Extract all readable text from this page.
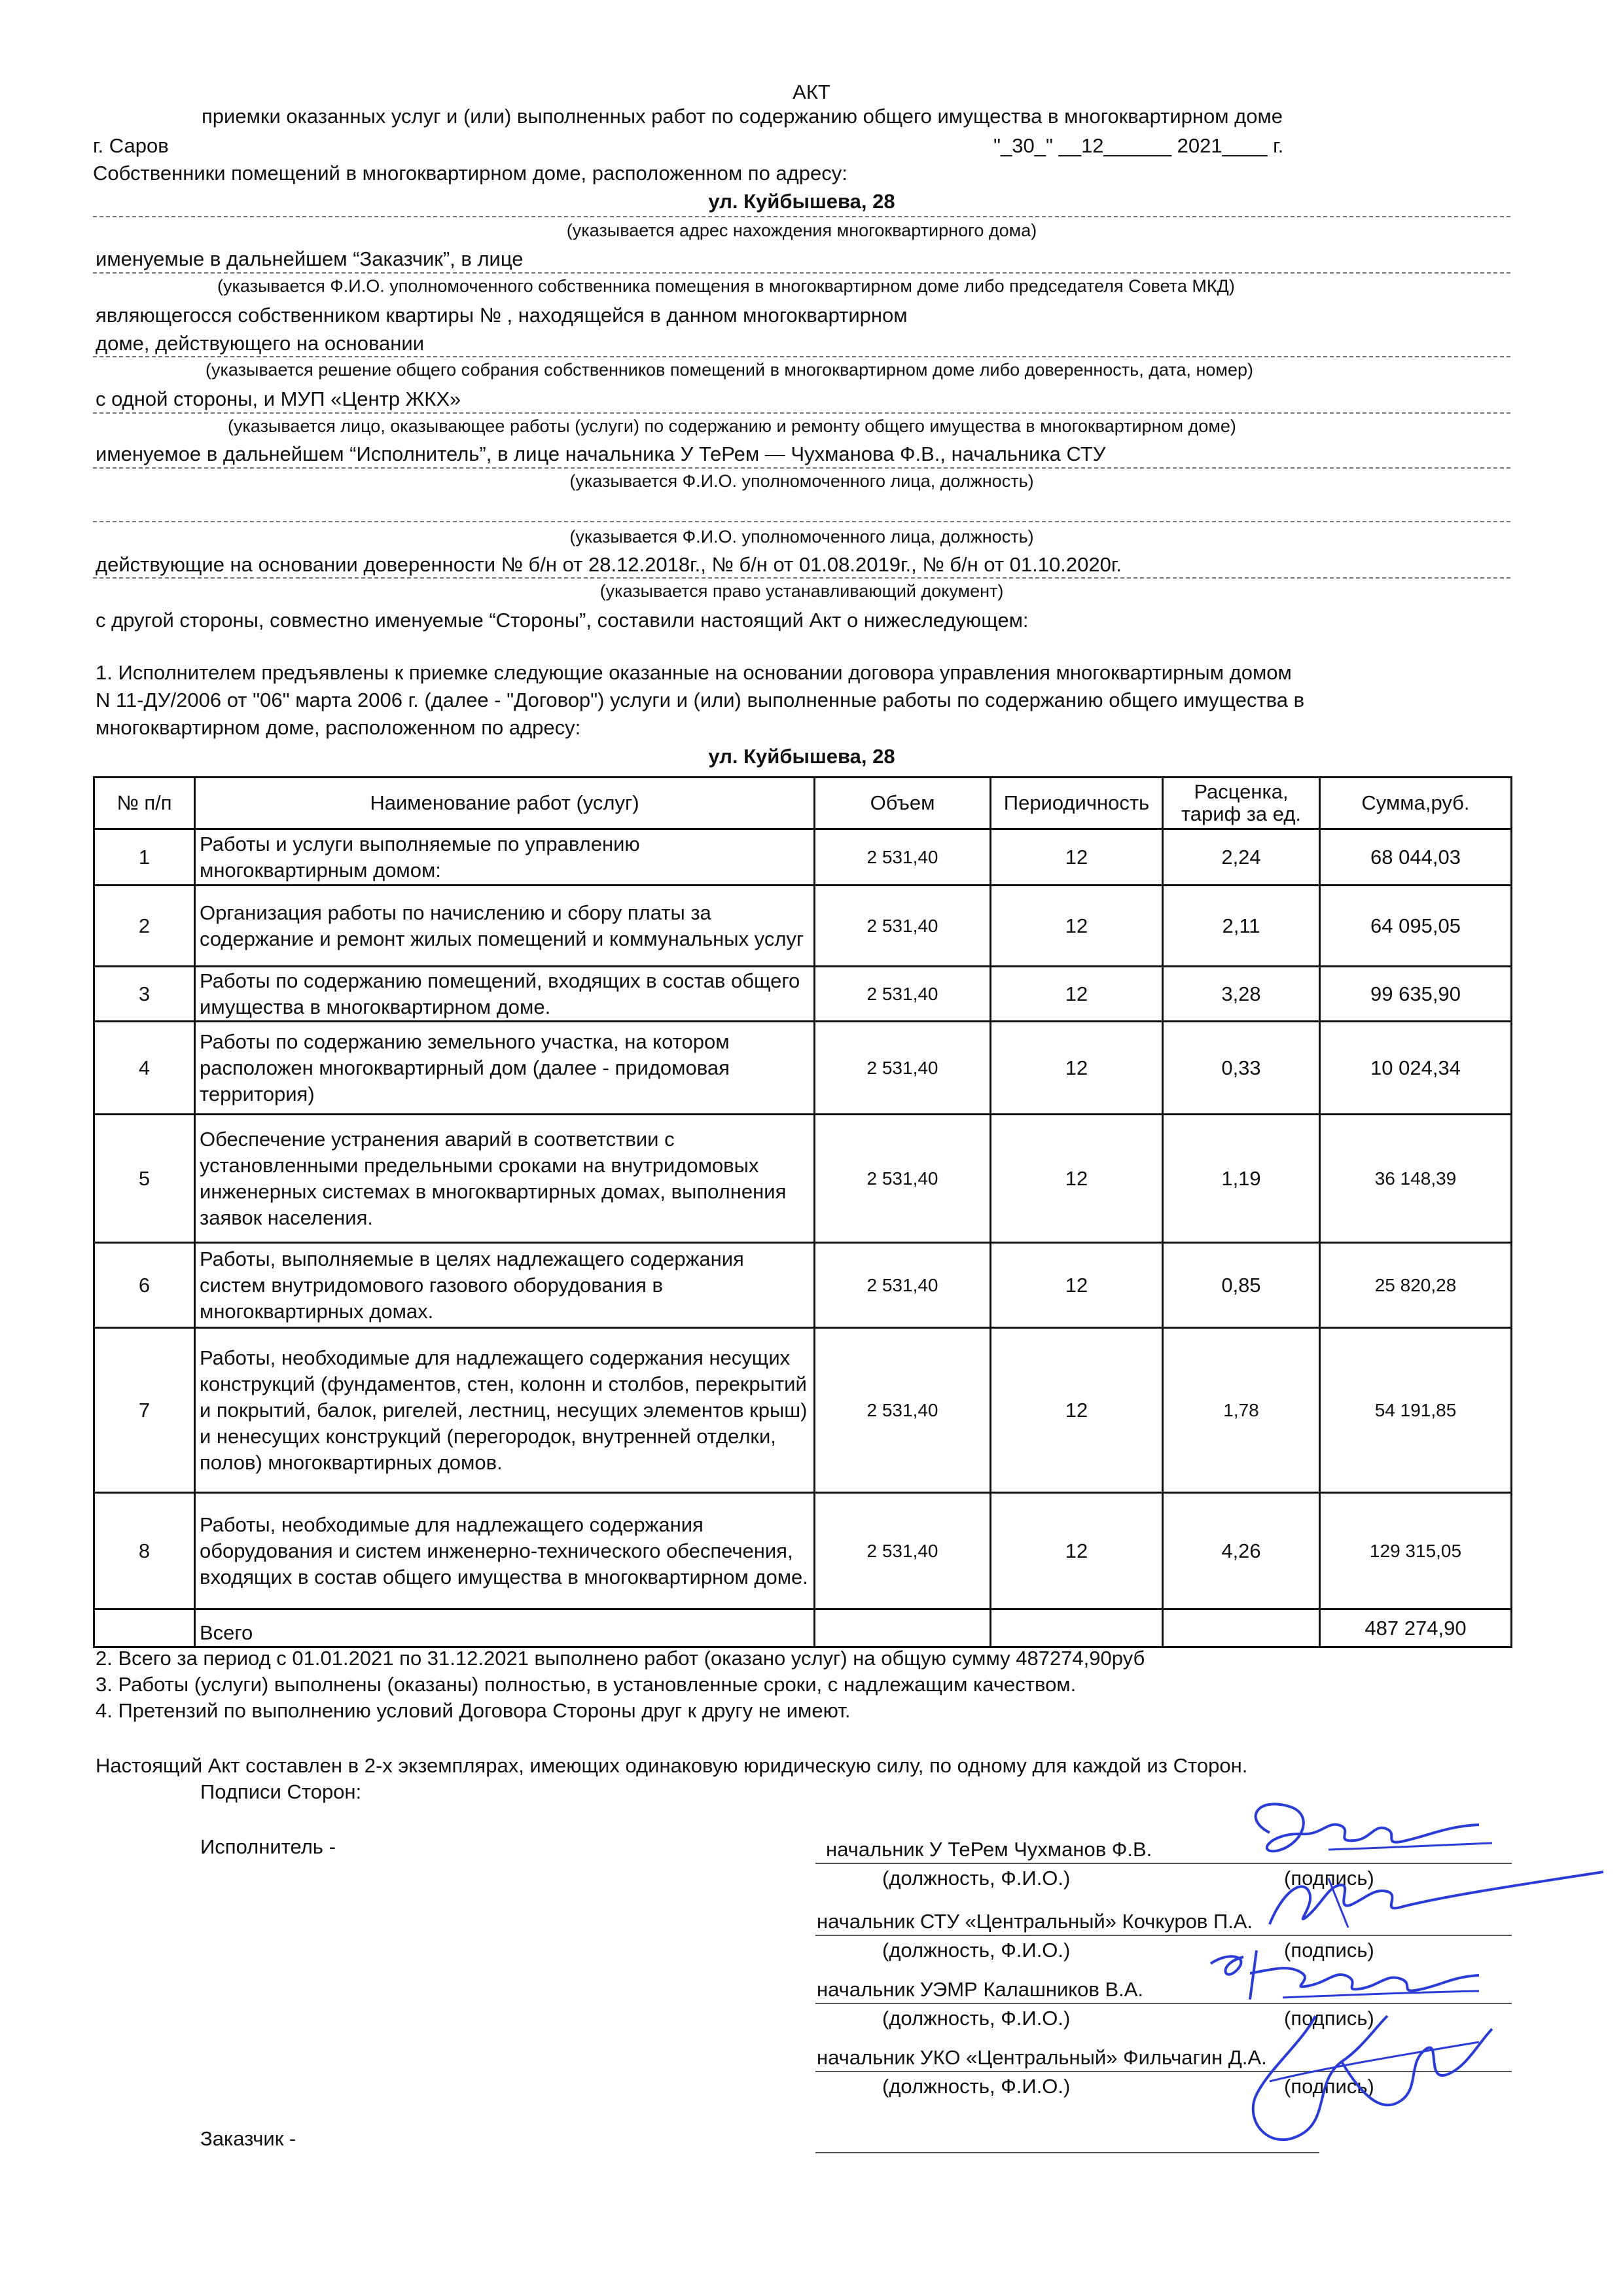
АКТ
приемки оказанных услуг и (или) выполненных работ по содержанию общего имущества в многоквартирном доме
г. Саров	"_30_" __12______ 2021____ г.
Собственники помещений в многоквартирном доме, расположенном по адресу:
ул. Куйбышева, 28
(указывается адрес нахождения многоквартирного дома)
именуемые в дальнейшем “Заказчик”, в лице
(указывается Ф.И.О. уполномоченного собственника помещения в многоквартирном доме либо председателя Совета МКД)
являющегосся собственником квартиры № , находящейся в данном многоквартирном
доме, действующего на основании
(указывается решение общего собрания собственников помещений в многоквартирном доме либо доверенность, дата, номер)
с одной стороны, и МУП «Центр ЖКХ»
(указывается лицо, оказывающее работы (услуги) по содержанию и ремонту общего имущества в многоквартирном доме)
именуемое в дальнейшем “Исполнитель”, в лице начальника У ТеРем — Чухманова Ф.В., начальника СТУ
(указывается Ф.И.О. уполномоченного лица, должность)
(указывается Ф.И.О. уполномоченного лица, должность)
действующие на основании доверенности № б/н от 28.12.2018г., № б/н от 01.08.2019г., № б/н от 01.10.2020г.
(указывается право устанавливающий документ)
с другой стороны, совместно именуемые “Стороны”, составили настоящий Акт о нижеследующем:
1. Исполнителем предъявлены к приемке следующие оказанные на основании договора управления многоквартирным домом
N 11-ДУ/2006 от "06" марта 2006 г. (далее - "Договор") услуги и (или) выполненные работы по содержанию общего имущества в
многоквартирном доме, расположенном по адресу:
ул. Куйбышева, 28
№ п/п	Наименование работ (услуг)	Объем	Периодичность	Расценка, тариф за ед.	Сумма,руб.
1	Работы и услуги выполняемые по управлению многоквартирным домом:	2 531,40	12	2,24	68 044,03
2	Организация работы по начислению и сбору платы за содержание и ремонт жилых помещений и коммунальных услуг	2 531,40	12	2,11	64 095,05
3	Работы по содержанию помещений, входящих в состав общего имущества в многоквартирном доме.	2 531,40	12	3,28	99 635,90
4	Работы по содержанию земельного участка, на котором расположен многоквартирный дом (далее - придомовая территория)	2 531,40	12	0,33	10 024,34
5	Обеспечение устранения аварий в соответствии с установленными предельными сроками на внутридомовых инженерных системах в многоквартирных домах, выполнения заявок населения.	2 531,40	12	1,19	36 148,39
6	Работы, выполняемые в целях надлежащего содержания систем внутридомового газового оборудования в многоквартирных домах.	2 531,40	12	0,85	25 820,28
7	Работы, необходимые для надлежащего содержания несущих конструкций (фундаментов, стен, колонн и столбов, перекрытий и покрытий, балок, ригелей, лестниц, несущих элементов крыш) и ненесущих конструкций (перегородок, внутренней отделки, полов) многоквартирных домов.	2 531,40	12	1,78	54 191,85
8	Работы, необходимые для надлежащего содержания оборудования и систем инженерно-технического обеспечения, входящих в состав общего имущества в многоквартирном доме.	2 531,40	12	4,26	129 315,05
	Всего				487 274,90
2. Всего за период с 01.01.2021 по 31.12.2021 выполнено работ (оказано услуг) на общую сумму 487274,90руб
3. Работы (услуги) выполнены (оказаны) полностью, в установленные сроки, с надлежащим качеством.
4. Претензий по выполнению условий Договора Стороны друг к другу не имеют.
Настоящий Акт составлен в 2-х экземплярах, имеющих одинаковую юридическую силу, по одному для каждой из Сторон.
Подписи Сторон:
Исполнитель -	начальник У ТеРем Чухманов Ф.В.
(должность, Ф.И.О.)	(подпись)
начальник СТУ «Центральный» Кочкуров П.А.
(должность, Ф.И.О.)	(подпись)
начальник УЭМР Калашников В.А.
(должность, Ф.И.О.)	(подпись)
начальник УКО «Центральный» Фильчагин Д.А.
(должность, Ф.И.О.)	(подпись)
Заказчик -
